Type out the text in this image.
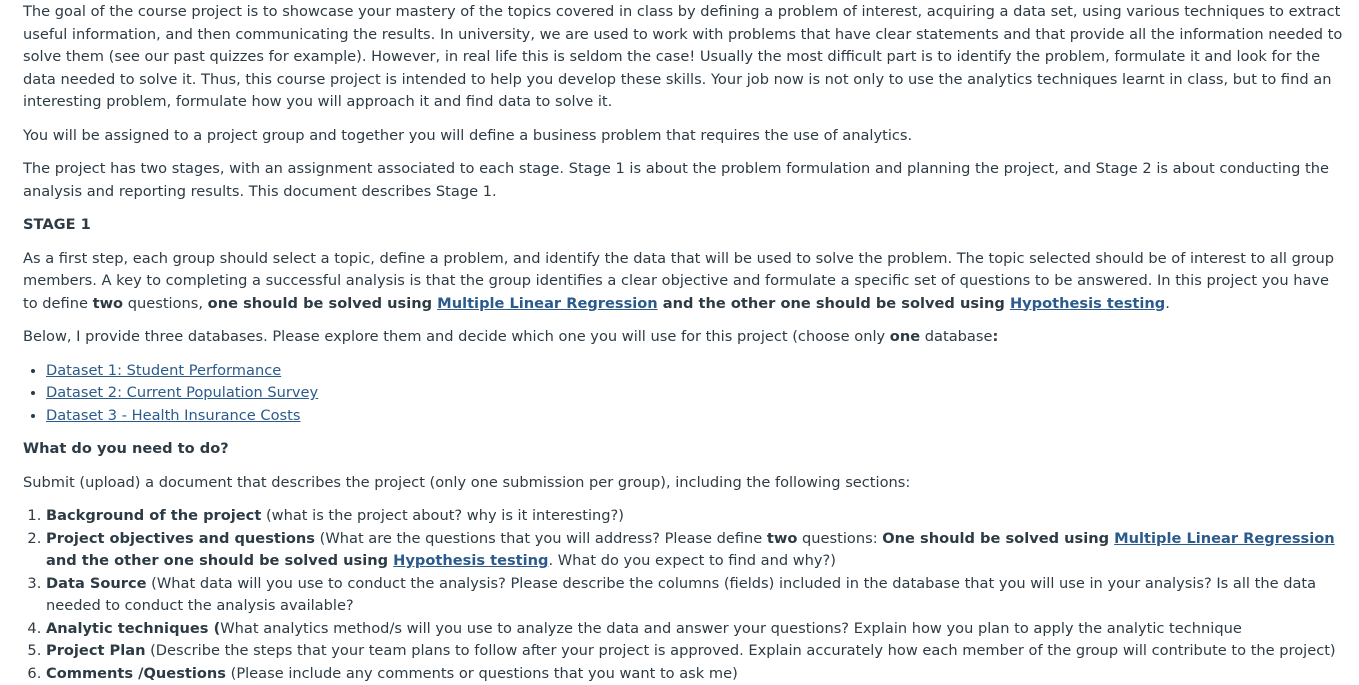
The goal of the course project is to showcase your mastery of the topics covered in class by defining a problem of interest, acquiring a data set, using various techniques to extract useful information, and then communicating the results. In university, we are used to work with problems that have clear statements and that provide all the information needed to solve them (see our past quizzes for example). However, in real life this is seldom the case! Usually the most difficult part is to identify the problem, formulate it and look for the data needed to solve it. Thus, this course project is intended to help you develop these skills. Your job now is not only to use the analytics techniques learnt in class, but to find an interesting problem, formulate how you will approach it and find data to solve it.

You will be assigned to a project group and together you will define a business problem that requires the use of analytics.

The project has two stages, with an assignment associated to each stage. Stage 1 is about the problem formulation and planning the project, and Stage 2 is about conducting the analysis and reporting results. This document describes Stage 1.

STAGE 1

As a first step, each group should select a topic, define a problem, and identify the data that will be used to solve the problem. The topic selected should be of interest to all group members. A key to completing a successful analysis is that the group identifies a clear objective and formulate a specific set of questions to be answered. In this project you have to define two questions, one should be solved using Multiple Linear Regression and the other one should be solved using Hypothesis testing.

Below, I provide three databases. Please explore them and decide which one you will use for this project (choose only one database:

• Dataset 1: Student Performance
• Dataset 2: Current Population Survey
• Dataset 3 - Health Insurance Costs

What do you need to do?

Submit (upload) a document that describes the project (only one submission per group), including the following sections:

1. Background of the project (what is the project about? why is it interesting?)
2. Project objectives and questions (What are the questions that you will address? Please define two questions: One should be solved using Multiple Linear Regression and the other one should be solved using Hypothesis testing. What do you expect to find and why?)
3. Data Source (What data will you use to conduct the analysis? Please describe the columns (fields) included in the database that you will use in your analysis? Is all the data needed to conduct the analysis available?
4. Analytic techniques (What analytics method/s will you use to analyze the data and answer your questions? Explain how you plan to apply the analytic technique
5. Project Plan (Describe the steps that your team plans to follow after your project is approved. Explain accurately how each member of the group will contribute to the project)
6. Comments /Questions (Please include any comments or questions that you want to ask me)
